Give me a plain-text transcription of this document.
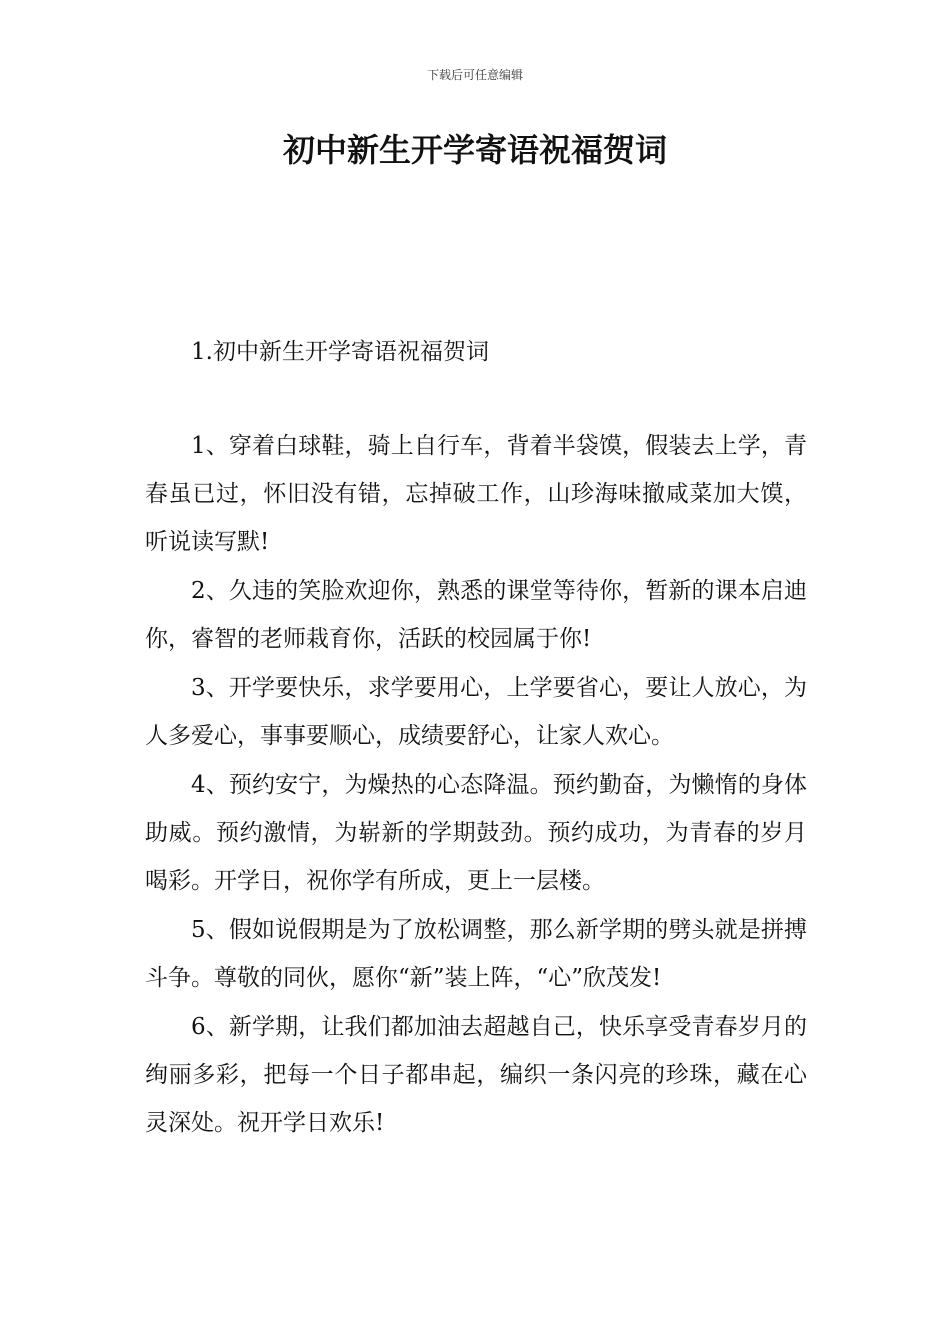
下载后可任意编辑
初中新生开学寄语祝福贺词

1.初中新生开学寄语祝福贺词

1、穿着白球鞋，骑上自行车，背着半袋馍，假装去上学，青春虽已过，怀旧没有错，忘掉破工作，山珍海味撤咸菜加大馍，听说读写默!

2、久违的笑脸欢迎你，熟悉的课堂等待你，暂新的课本启迪你，睿智的老师栽育你，活跃的校园属于你!

3、开学要快乐，求学要用心，上学要省心，要让人放心，为人多爱心，事事要顺心，成绩要舒心，让家人欢心。

4、预约安宁，为燥热的心态降温。预约勤奋，为懒惰的身体助威。预约激情，为崭新的学期鼓劲。预约成功，为青春的岁月喝彩。开学日，祝你学有所成，更上一层楼。

5、假如说假期是为了放松调整，那么新学期的劈头就是拼搏斗争。尊敬的同伙，愿你“新”装上阵，“心”欣茂发!

6、新学期，让我们都加油去超越自己，快乐享受青春岁月的绚丽多彩，把每一个日子都串起，编织一条闪亮的珍珠，藏在心灵深处。祝开学日欢乐!
